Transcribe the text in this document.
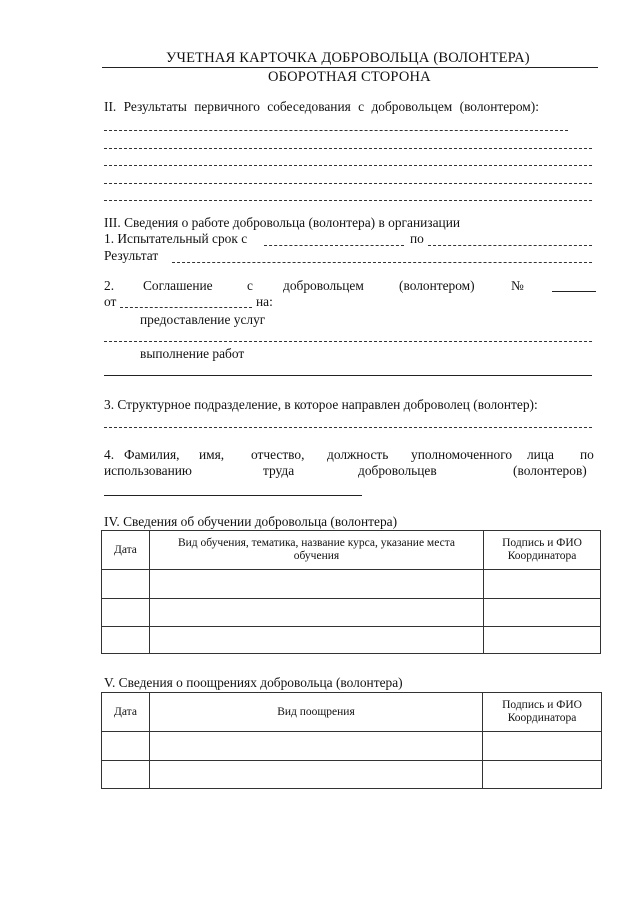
УЧЕТНАЯ КАРТОЧКА ДОБРОВОЛЬЦА (ВОЛОНТЕРА)
ОБОРОТНАЯ СТОРОНА
II. Результаты первичного собеседования с добровольцем (волонтером):
III. Сведения о работе добровольца (волонтера) в организации
1. Испытательный срок с	по
Результат
2. Соглашение	с добровольцем	(волонтером)	№
от	на:
предоставление услуг
выполнение работ
3. Структурное подразделение, в которое направлен доброволец (волонтер):
4. Фамилия, имя, отчество, должность уполномоченного лица по
использованию	труда	добровольцев	(волонтеров)
IV. Сведения об обучении добровольца (волонтера)
Дата	Вид обучения, тематика, название курса, указание места обучения	Подпись и ФИО Координатора

V. Сведения о поощрениях добровольца (волонтера)
Дата	Вид поощрения	Подпись и ФИО Координатора
